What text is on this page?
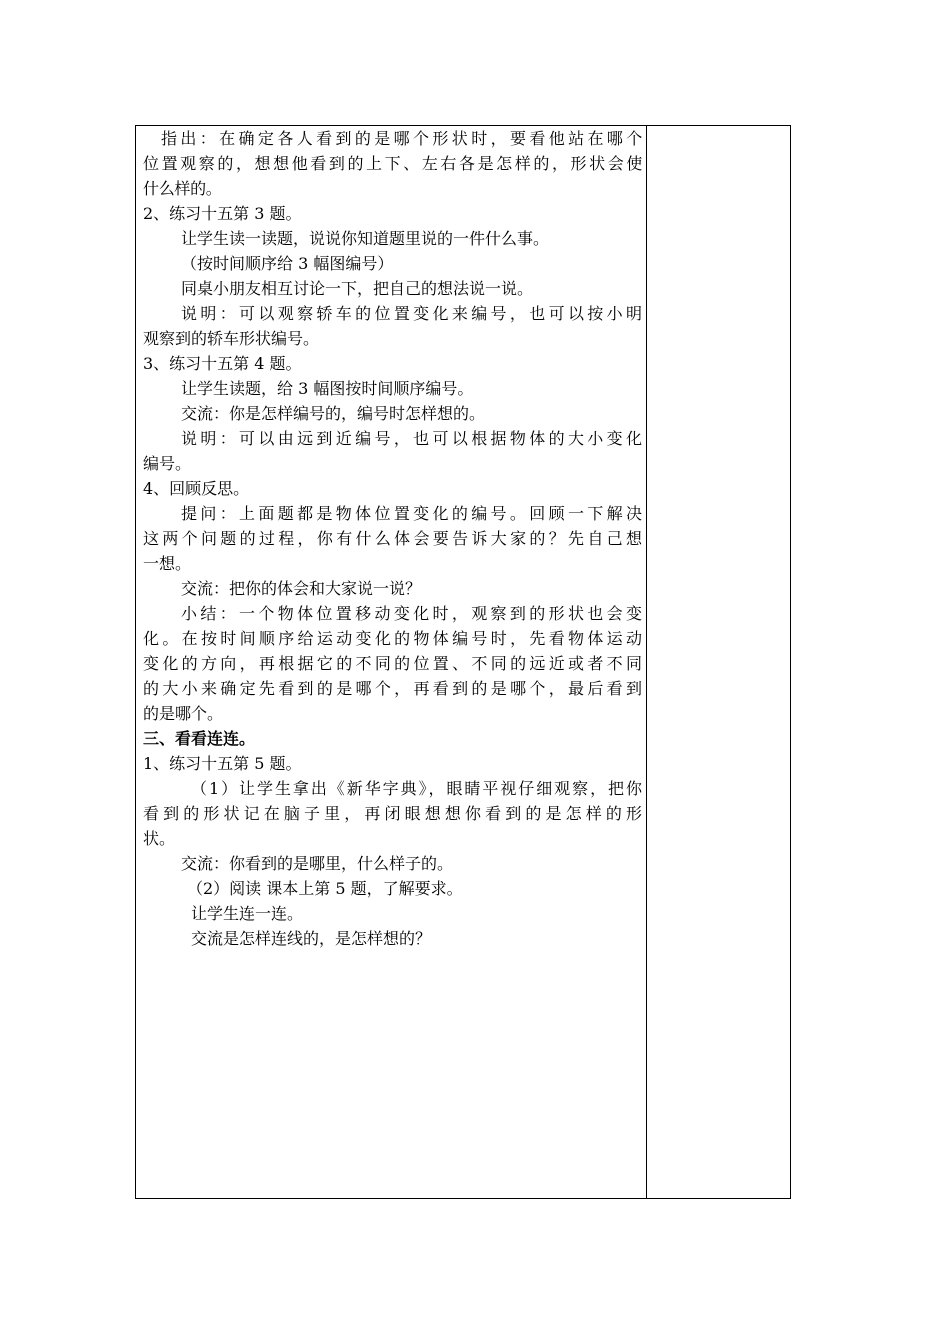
指出：在确定各人看到的是哪个形状时，要看他站在哪个
位置观察的，想想他看到的上下、左右各是怎样的，形状会使
什么样的。
2、练习十五第 3 题。
让学生读一读题，说说你知道题里说的一件什么事。
（按时间顺序给 3 幅图编号）
同桌小朋友相互讨论一下，把自己的想法说一说。
说明：可以观察轿车的位置变化来编号，也可以按小明
观察到的轿车形状编号。
3、练习十五第 4 题。
让学生读题，给 3 幅图按时间顺序编号。
交流：你是怎样编号的，编号时怎样想的。
说明：可以由远到近编号，也可以根据物体的大小变化
编号。
4、回顾反思。
提问：上面题都是物体位置变化的编号。回顾一下解决
这两个问题的过程，你有什么体会要告诉大家的？先自己想
一想。
交流：把你的体会和大家说一说？
小结：一个物体位置移动变化时，观察到的形状也会变
化。在按时间顺序给运动变化的物体编号时，先看物体运动
变化的方向，再根据它的不同的位置、不同的远近或者不同
的大小来确定先看到的是哪个，再看到的是哪个，最后看到
的是哪个。
三、看看连连。
1、练习十五第 5 题。
（1）让学生拿出《新华字典》，眼睛平视仔细观察，把你
看到的形状记在脑子里，再闭眼想想你看到的是怎样的形
状。
交流：你看到的是哪里，什么样子的。
（2）阅读 课本上第 5 题，了解要求。
让学生连一连。
交流是怎样连线的，是怎样想的？
